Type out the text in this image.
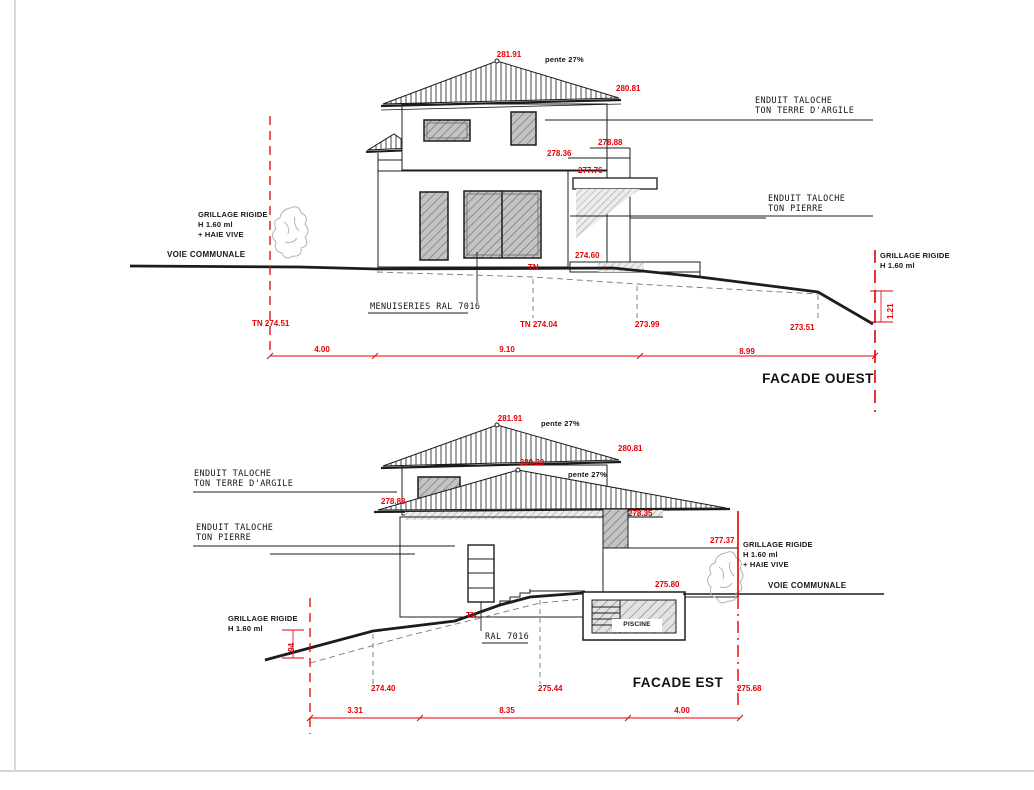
281.91
pente 27%
280.81
278.88
278.36
277.76
274.60
TN
TN 274.51	TN 274.04	273.99	273.51
1.21
4.00	9.10	8.99
ENDUIT TALOCHE
TON TERRE D'ARGILE
ENDUIT TALOCHE
TON PIERRE
MENUISERIES RAL 7016
GRILLAGE RIGIDE
H 1.60 ml
+ HAIE VIVE
VOIE COMMUNALE	GRILLAGE RIGIDE
H 1.60 ml
FACADE OUEST
281.91
pente 27%
280.81
280.23
pente 27%
278.88
278.35
277.37
275.80
PISCINE
TN
RAL 7016
274.40	275.44	275.68
.94
3.31	8.35	4.00
ENDUIT TALOCHE
TON TERRE D'ARGILE
ENDUIT TALOCHE
TON PIERRE
GRILLAGE RIGIDE
H 1.60 ml
GRILLAGE RIGIDE
H 1.60 ml
+ HAIE VIVE
VOIE COMMUNALE
FACADE EST
